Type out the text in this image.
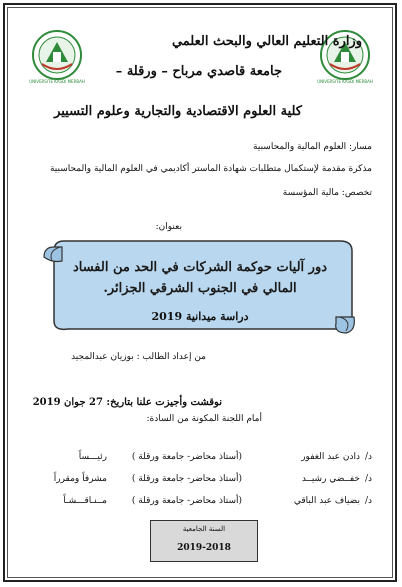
UNIVERSITE KASDI MERBAH	UNIVERSITE KASDI MERBAH
وزارة التعليم العالي والبحث العلمي
جامعة قاصدي مرباح – ورقلة –
كلية العلوم الاقتصادية والتجارية وعلوم التسيير
مسار: العلوم المالية والمحاسبية
مذكرة مقدمة لإستكمال متطلبات شهادة الماستر أكاديمي في العلوم المالية والمحاسبية
تخصص: مالية المؤسسة
بعنوان:
دور آليات حوكمة الشركات في الحد من الفساد
المالي في الجنوب الشرقي الجزائر.
دراسة ميدانية 2019
من إعداد الطالب : بوزيان عبدالمجيد
نوقشت وأجيزت علنا بتاريخ: 27 جوان 2019
أمام اللجنة المكونة من السادة:
د/
دادن عبد الغفور
(أستاذ محاضر- جامعة ورقلة )
رئيـــساً
د/
خفــضي رشيــد
(أستاذ محاضر- جامعة ورقلة )
مشرفاً ومقرراً
د/
بضياف عبد الباقي
(أستاذ محاضر- جامعة ورقلة )
مــنـاقـــشـاً
السنة الجامعية
2019-2018
